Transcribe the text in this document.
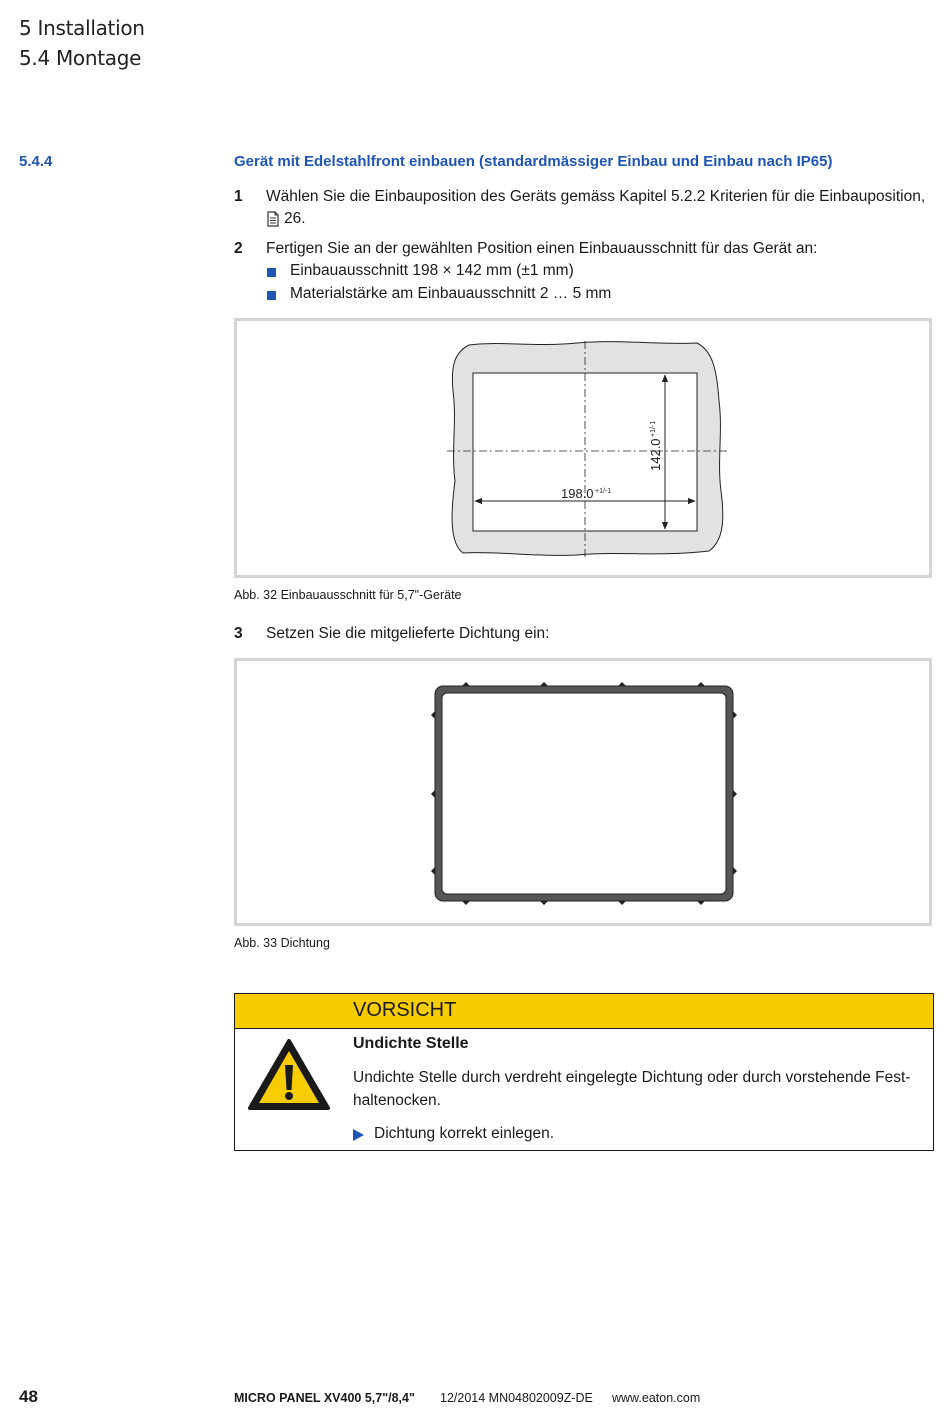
5 Installation
5.4 Montage
5.4.4	Gerät mit Edelstahlfront einbauen (standardmässiger Einbau und Einbau nach IP65)
1 Wählen Sie die Einbauposition des Geräts gemäss Kapitel 5.2.2 Kriterien für die Einbauposition,
26.
2 Fertigen Sie an der gewählten Position einen Einbauausschnitt für das Gerät an:
Einbauausschnitt 198 × 142 mm (±1 mm)
Materialstärke am Einbauausschnitt 2 … 5 mm
198.0 +1/-1
142.0
+1/-1
Abb. 32 Einbauausschnitt für 5,7"-Geräte
3 Setzen Sie die mitgelieferte Dichtung ein:
Abb. 33 Dichtung
VORSICHT
Undichte Stelle
Undichte Stelle durch verdreht eingelegte Dichtung oder durch vorstehende Fest-
haltenocken.
Dichtung korrekt einlegen.
48	MICRO PANEL XV400 5,7"/8,4" 12/2014 MN04802009Z-DE www.eaton.com
